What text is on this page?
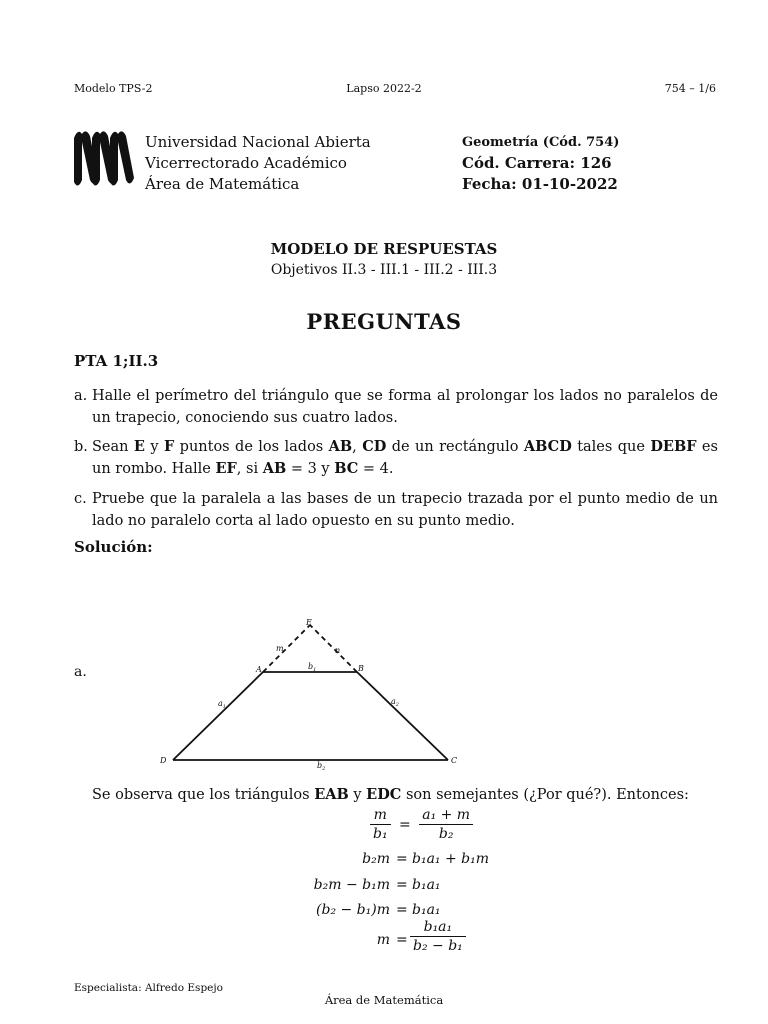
Modelo TPS-2	Lapso 2022-2	754 – 1/6
Universidad Nacional Abierta
Vicerrectorado Académico
Área de Matemática
Geometría (Cód. 754)
Cód. Carrera: 126
Fecha: 01-10-2022
MODELO DE RESPUESTAS
Objetivos II.3 - III.1 - III.2 - III.3
PREGUNTAS
PTA 1;II.3
a. Halle el perímetro del triángulo que se forma al prolongar los lados no paralelos de un trapecio, conociendo sus cuatro lados.
b. Sean E y F puntos de los lados AB, CD de un rectángulo ABCD tales que DEBF es un rombo. Halle EF, si AB = 3 y BC = 4.
c. Pruebe que la paralela a las bases de un trapecio trazada por el punto medio de un lado no paralelo corta al lado opuesto en su punto medio.
Solución:
a.
E
A	B
C
D
m	n
$b_1$
$b_2$
$a_1$
$a_2$
Se observa que los triángulos EAB y EDC son semejantes (¿Por qué?). Entonces:
$\frac{m}{\text{b₁}} = \frac{\text{a₁ + m}}{\text{b₂}}$
b₂m = b₁a₁ + b₁m
b₂m − b₁m = b₁a₁
(b₂ − b₁)m = b₁a₁
$m = \frac{\text{b₁a₁}}{\text{b₂ − b₁}}$
Especialista: Alfredo Espejo
Área de Matemática
